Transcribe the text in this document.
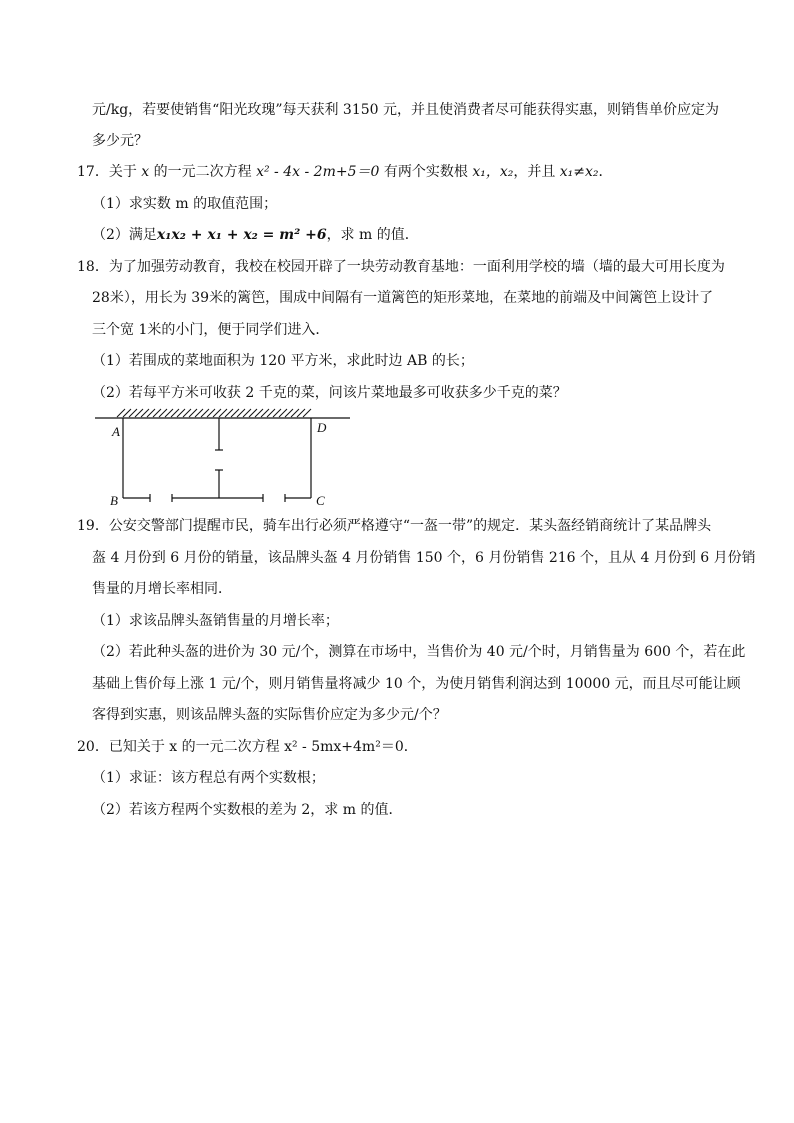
元/kg，若要使销售“阳光玫瑰”每天获利 3150 元，并且使消费者尽可能获得实惠，则销售单价应定为
多少元？
17．关于 x 的一元二次方程 x² - 4x - 2m+5＝0 有两个实数根 x₁，x₂，并且 x₁≠x₂．
（1）求实数 m 的取值范围；
（2）满足x₁x₂ + x₁ + x₂ = m² +6，求 m 的值．
18．为了加强劳动教育，我校在校园开辟了一块劳动教育基地：一面利用学校的墙（墙的最大可用长度为
28米），用长为 39米的篱笆，围成中间隔有一道篱笆的矩形菜地，在菜地的前端及中间篱笆上设计了
三个宽 1米的小门，便于同学们进入．
（1）若围成的菜地面积为 120 平方米，求此时边 AB 的长；
（2）若每平方米可收获 2 千克的菜，问该片菜地最多可收获多少千克的菜？
A	D
B	C
19．公安交警部门提醒市民，骑车出行必须严格遵守“一盔一带”的规定．某头盔经销商统计了某品牌头
盔 4 月份到 6 月份的销量，该品牌头盔 4 月份销售 150 个，6 月份销售 216 个，且从 4 月份到 6 月份销
售量的月增长率相同．
（1）求该品牌头盔销售量的月增长率；
（2）若此种头盔的进价为 30 元/个，测算在市场中，当售价为 40 元/个时，月销售量为 600 个，若在此
基础上售价每上涨 1 元/个，则月销售量将减少 10 个，为使月销售利润达到 10000 元，而且尽可能让顾
客得到实惠，则该品牌头盔的实际售价应定为多少元/个？
20．已知关于 x 的一元二次方程 x² - 5mx+4m²＝0．
（1）求证：该方程总有两个实数根；
（2）若该方程两个实数根的差为 2，求 m 的值．
